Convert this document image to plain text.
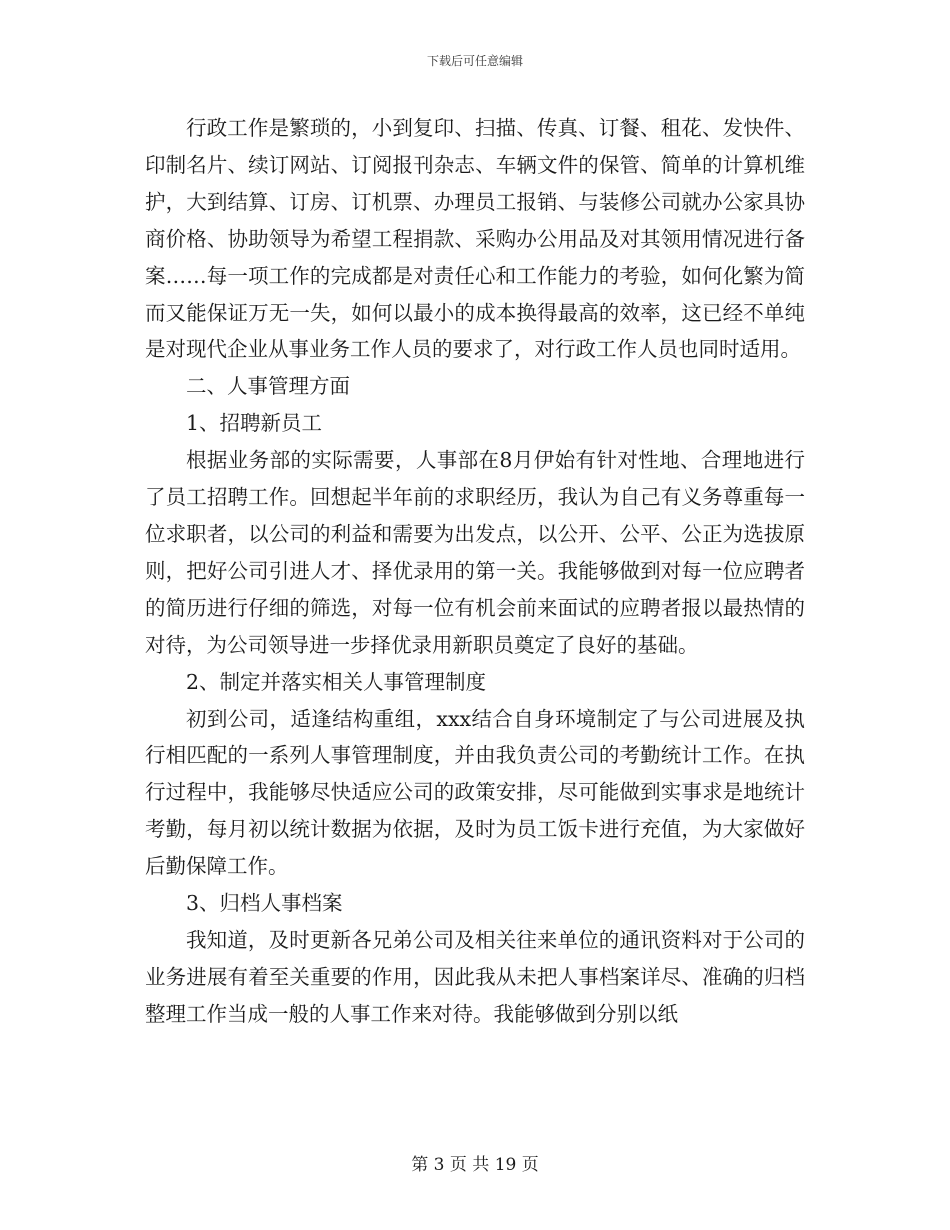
下载后可任意编辑

行政工作是繁琐的，小到复印、扫描、传真、订餐、租花、发快件、印制名片、续订网站、订阅报刊杂志、车辆文件的保管、简单的计算机维护，大到结算、订房、订机票、办理员工报销、与装修公司就办公家具协商价格、协助领导为希望工程捐款、采购办公用品及对其领用情况进行备案……每一项工作的完成都是对责任心和工作能力的考验，如何化繁为简而又能保证万无一失，如何以最小的成本换得最高的效率，这已经不单纯是对现代企业从事业务工作人员的要求了，对行政工作人员也同时适用。

二、人事管理方面

1、招聘新员工

根据业务部的实际需要，人事部在8月伊始有针对性地、合理地进行了员工招聘工作。回想起半年前的求职经历，我认为自己有义务尊重每一位求职者，以公司的利益和需要为出发点，以公开、公平、公正为选拔原则，把好公司引进人才、择优录用的第一关。我能够做到对每一位应聘者的简历进行仔细的筛选，对每一位有机会前来面试的应聘者报以最热情的对待，为公司领导进一步择优录用新职员奠定了良好的基础。

2、制定并落实相关人事管理制度

初到公司，适逢结构重组，xxx结合自身环境制定了与公司进展及执行相匹配的一系列人事管理制度，并由我负责公司的考勤统计工作。在执行过程中，我能够尽快适应公司的政策安排，尽可能做到实事求是地统计考勤，每月初以统计数据为依据，及时为员工饭卡进行充值，为大家做好后勤保障工作。

3、归档人事档案

我知道，及时更新各兄弟公司及相关往来单位的通讯资料对于公司的业务进展有着至关重要的作用，因此我从未把人事档案详尽、准确的归档整理工作当成一般的人事工作来对待。我能够做到分别以纸

第 3 页 共 19 页
